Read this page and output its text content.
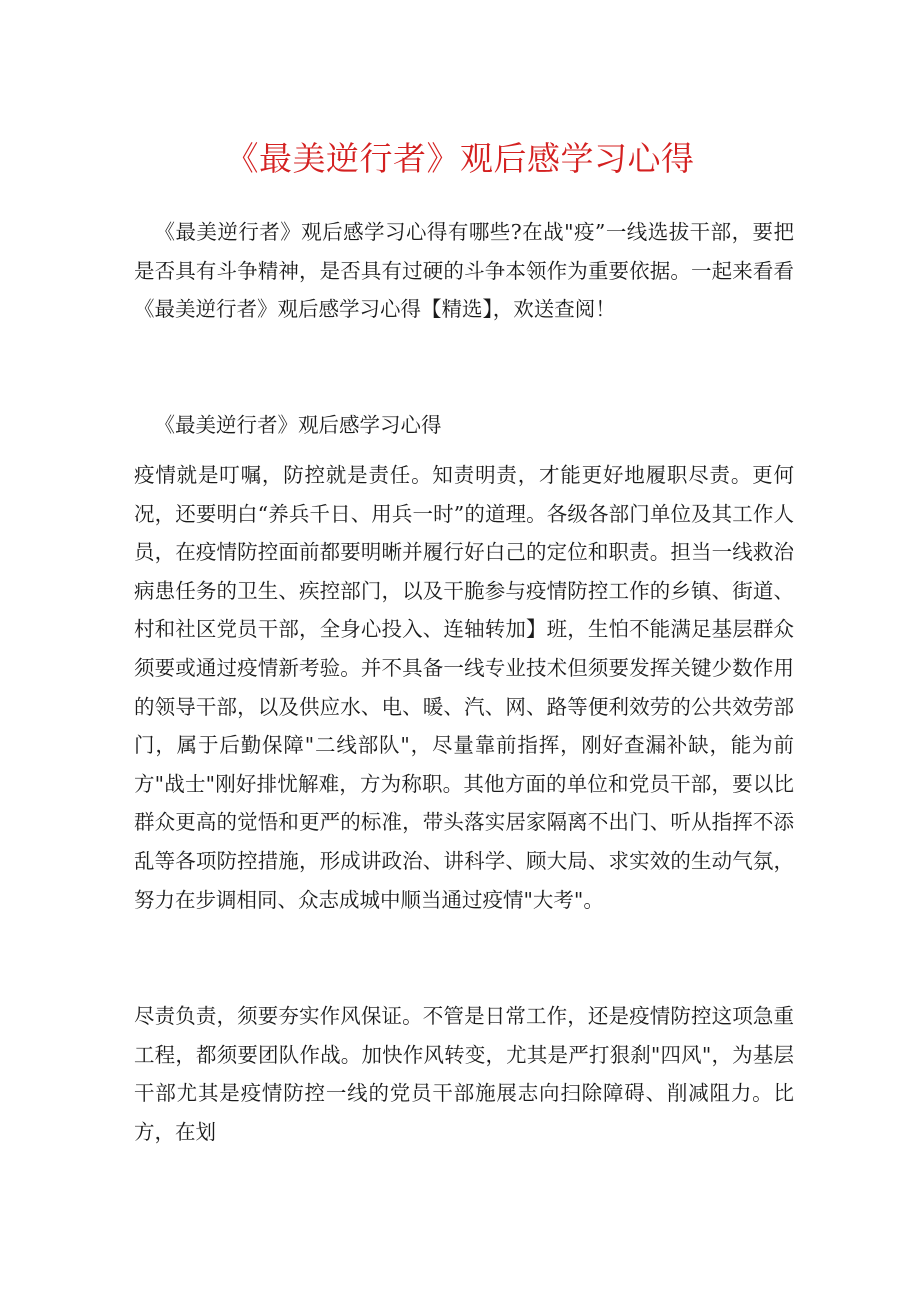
《最美逆行者》观后感学习心得

《最美逆行者》观后感学习心得有哪些?在战"疫”一线选拔干部，要把是否具有斗争精神，是否具有过硬的斗争本领作为重要依据。一起来看看《最美逆行者》观后感学习心得【精选】，欢送查阅！

《最美逆行者》观后感学习心得

疫情就是叮嘱，防控就是责任。知责明责，才能更好地履职尽责。更何况，还要明白“养兵千日、用兵一时”的道理。各级各部门单位及其工作人员，在疫情防控面前都要明晰并履行好白己的定位和职责。担当一线救治病患任务的卫生、疾控部门，以及干脆参与疫情防控工作的乡镇、街道、村和社区党员干部，全身心投入、连轴转加】班，生怕不能满足基层群众须要或通过疫情新考验。并不具备一线专业技术但须要发挥关键少数作用的领导干部，以及供应水、电、暖、汽、网、路等便利效劳的公共效劳部门，属于后勤保障"二线部队"，尽量靠前指挥，刚好查漏补缺，能为前方"战士"刚好排忧解难，方为称职。其他方面的单位和党员干部，要以比群众更高的觉悟和更严的标准，带头落实居家隔离不出门、听从指挥不添乱等各项防控措施，形成讲政治、讲科学、顾大局、求实效的生动气氛，努力在步调相同、众志成城中顺当通过疫情"大考"。

尽责负责，须要夯实作风保证。不管是日常工作，还是疫情防控这项急重工程，都须要团队作战。加快作风转变，尤其是严打狠刹"四风"，为基层干部尤其是疫情防控一线的党员干部施展志向扫除障碍、削减阻力。比方，在划
